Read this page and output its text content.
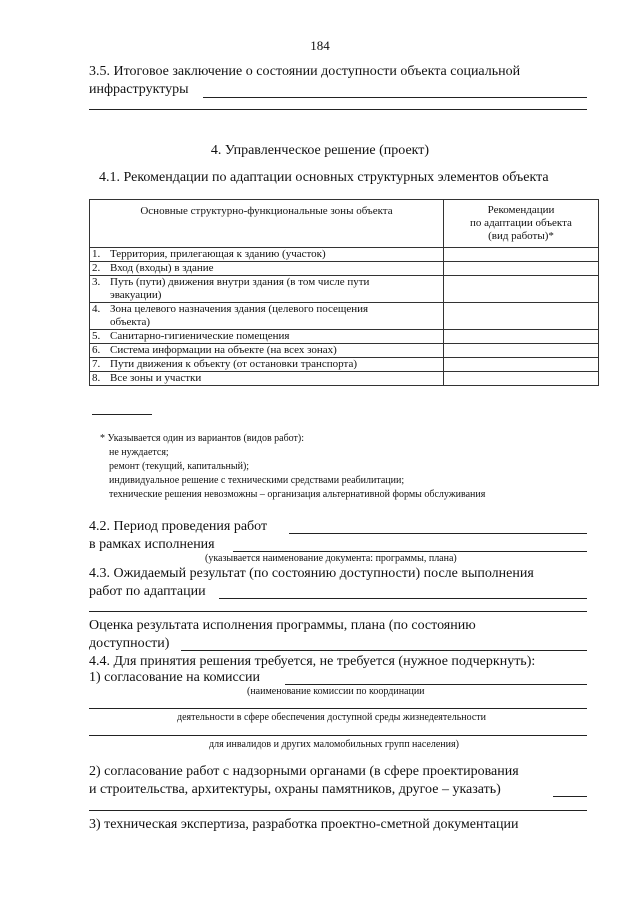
184
3.5. Итоговое заключение о состоянии доступности объекта социальной
инфраструктуры
4. Управленческое решение (проект)
4.1. Рекомендации по адаптации основных структурных элементов объекта
Основные структурно-функциональные зоны объекта		Рекомендации
по адаптации объекта
(вид работы)*

1.	Территория, прилегающая к зданию (участок)	
2.	Вход (входы) в здание	
3.	Путь (пути) движения внутри здания (в том числе пути
эвакуации)	

4.	Зона целевого назначения здания (целевого посещения
объекта)	

5.	Санитарно-гигиенические помещения	
6.	Система информации на объекте (на всех зонах)	
7.	Пути движения к объекту (от остановки транспорта)	
8.	Все зоны и участки	
* Указывается один из вариантов (видов работ):
не нуждается;
ремонт (текущий, капитальный);
индивидуальное решение с техническими средствами реабилитации;
технические решения невозможны – организация альтернативной формы обслуживания
4.2. Период проведения работ
в рамках исполнения
(указывается наименование документа: программы, плана)
4.3. Ожидаемый результат (по состоянию доступности) после выполнения
работ по адаптации
Оценка результата исполнения программы, плана (по состоянию
доступности)
4.4. Для принятия решения требуется, не требуется (нужное подчеркнуть):
1) согласование на комиссии
(наименование комиссии по координации
деятельности в сфере обеспечения доступной среды жизнедеятельности
для инвалидов и других маломобильных групп населения)
2) согласование работ с надзорными органами (в сфере проектирования
и строительства, архитектуры, охраны памятников, другое – указать)
3) техническая экспертиза, разработка проектно-сметной документации
